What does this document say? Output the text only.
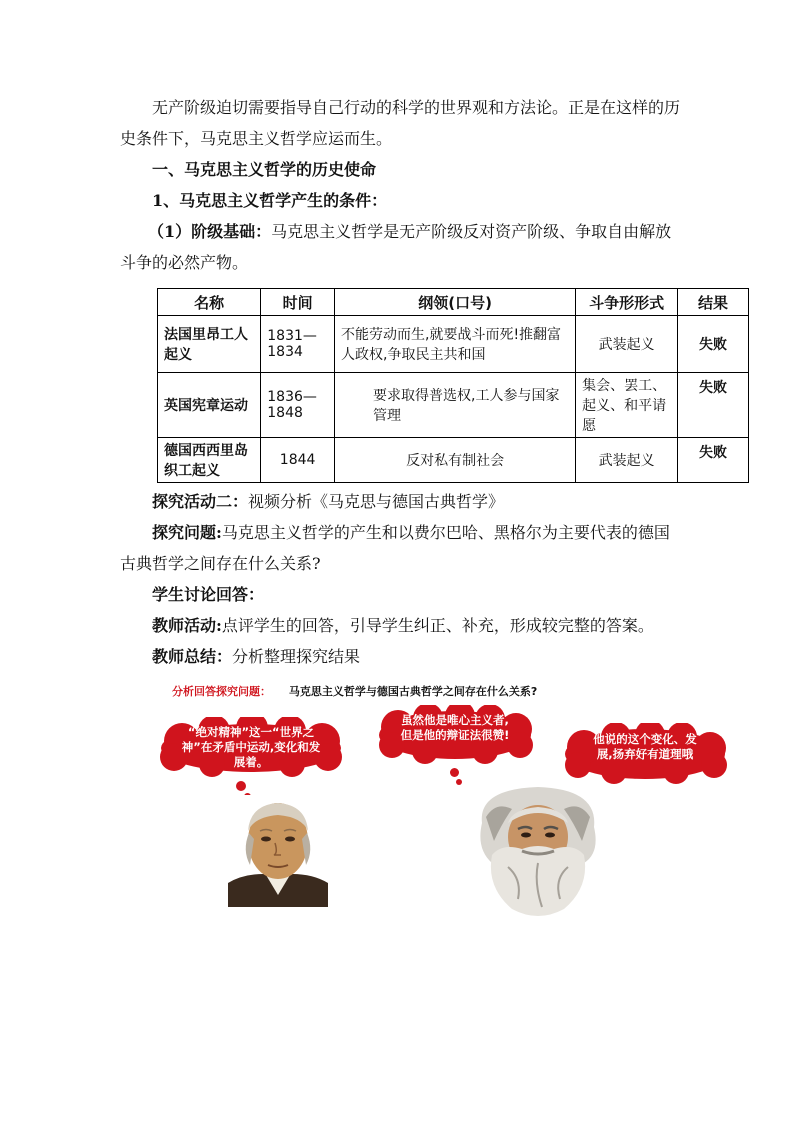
无产阶级迫切需要指导自己行动的科学的世界观和方法论。正是在这样的历史条件下，马克思主义哲学应运而生。

一、马克思主义哲学的历史使命

1、马克思主义哲学产生的条件：

（1）阶级基础：马克思主义哲学是无产阶级反对资产阶级、争取自由解放斗争的必然产物。

名称	时间	纲领(口号)	斗争形形式	结果
法国里昂工人起义	1831—1834	不能劳动而生,就要战斗而死!推翻富人政权,争取民主共和国	武装起义	失败
英国宪章运动	1836—1848	要求取得普选权,工人参与国家管理	集会、罢工、起义、和平请愿	失败
德国西西里岛织工起义	1844	反对私有制社会	武装起义	失败

探究活动二：视频分析《马克思与德国古典哲学》

探究问题:马克思主义哲学的产生和以费尔巴哈、黑格尔为主要代表的德国古典哲学之间存在什么关系?

学生讨论回答：

教师活动:点评学生的回答，引导学生纠正、补充，形成较完整的答案。

教师总结：分析整理探究结果

分析回答探究问题： 马克思主义哲学与德国古典哲学之间存在什么关系?
“绝对精神”这一“世界之神”在矛盾中运动,变化和发展着。
虽然他是唯心主义者,但是他的辩证法很赞!	他说的这个变化、发展,扬弃好有道理哦
